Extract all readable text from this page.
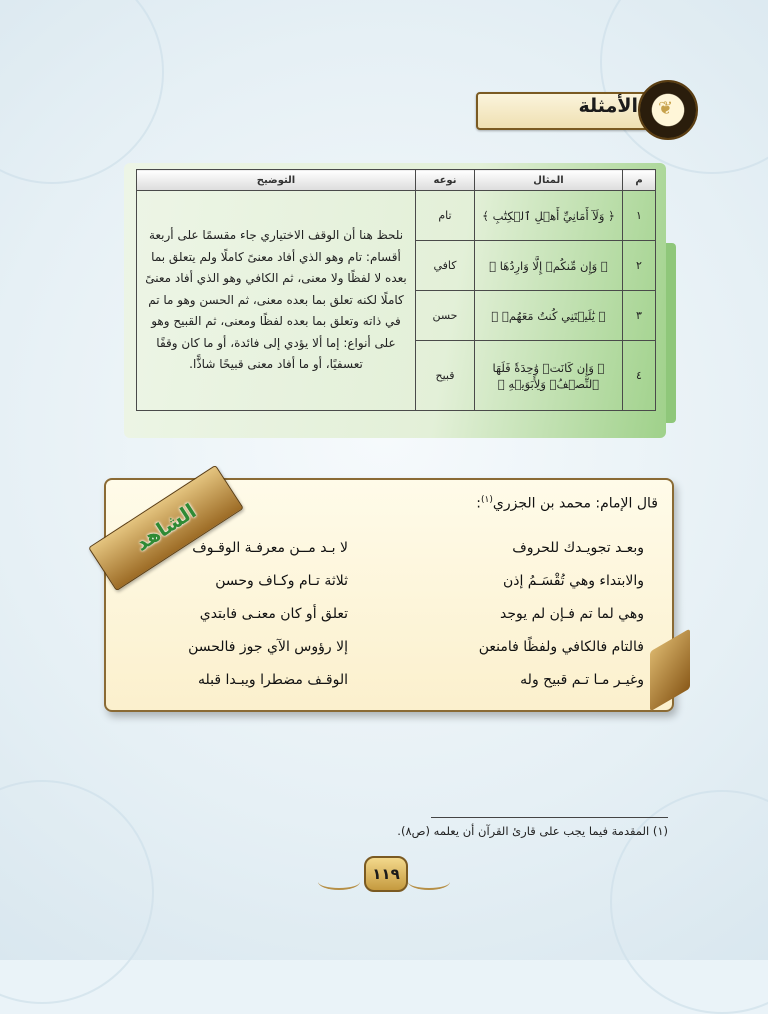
الأمثلة ❦
م	المثال	نوعه	التوضيح
١	﴿ وَلَآ أَمَانِيِّ أَهۡلِ ٱلۡكِتَٰبِ ﴾	تام	نلحظ هنا أن الوقف الاختياري جاء مقسمًا على أربعة أقسام: تام وهو الذي أفاد معنىً كاملًا ولم يتعلق بما بعده لا لفظًا ولا معنى، ثم الكافي وهو الذي أفاد معنىً كاملًا لكنه تعلق بما بعده معنى، ثم الحسن وهو ما تم في ذاته وتعلق بما بعده لفظًا ومعنى، ثم القبيح وهو على أنواع: إما ألا يؤدي إلى فائدة، أو ما كان وقفًا تعسفيًا، أو ما أفاد معنى قبيحًا شاذًّا.
٢	﴿ وَإِن مِّنكُمۡ إِلَّا وَارِدُهَا ﴾	كافي	
٣	﴿ يَٰلَيۡتَنِي كُنتُ مَعَهُمۡ ﴾	حسن	
٤	﴿ وَإِن كَانَتۡ وَٰحِدَةٗ فَلَهَا ٱلنِّصۡفُۚ وَلِأَبَوَيۡهِ ﴾	قبيح	
الشاهد	قال الإمام: محمد بن الجزري$^{(١)}$:
وبعـد تجويـدك للحروف
لا بـد مــن معرفـة الوقـوف
والابتداء وهي تُقْسَـمُ إذن
ثلاثة تـام وكـاف وحسن
وهي لما تم فـإن لم يوجد
تعلق أو كان معنـى فابتدي
فالتام فالكافي ولفظًا فامنعن
إلا رؤوس الآي جوز فالحسن
وغيـر مـا تـم قبيح وله
الوقـف مضطرا ويبـدا قبله
(١) المقدمة فيما يجب على قارئ القرآن أن يعلمه (ص٨).
١١٩
